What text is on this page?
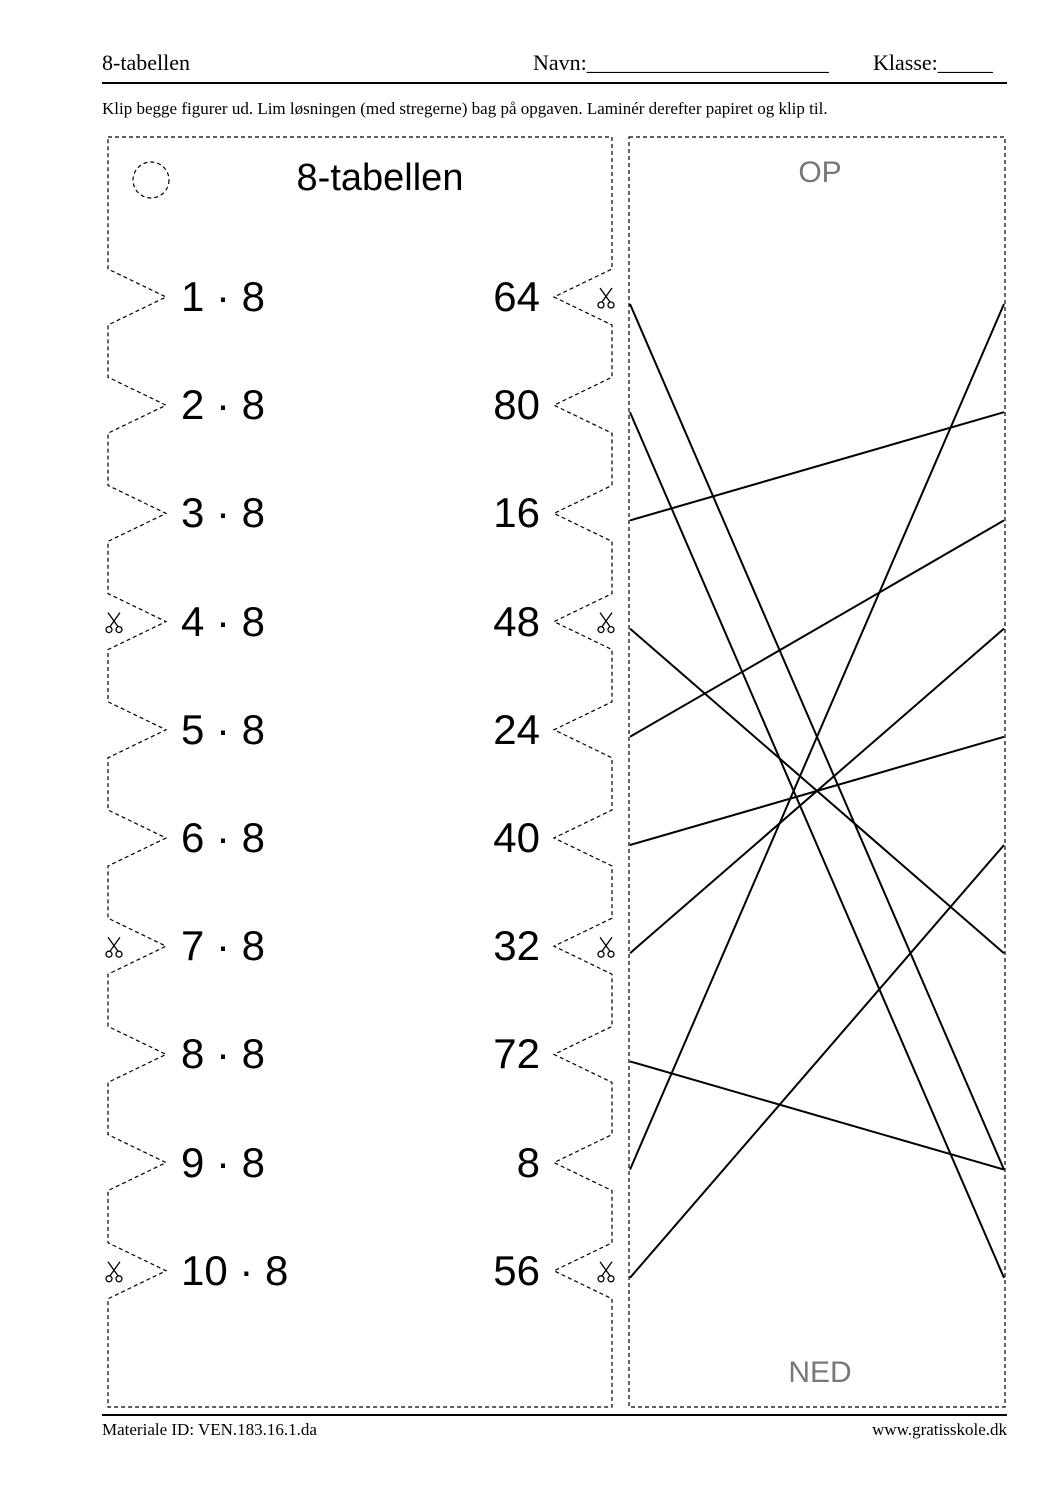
8-tabellen	Navn:______________________ Klasse:_____
Klip begge figurer ud. Lim løsningen (med stregerne) bag på opgaven. Laminér derefter papiret og klip til.
8-tabellen
1 · 8
2 · 8
3 · 8
4 · 8
5 · 8
6 · 8
7 · 8
8 · 8
9 · 8
10 · 8
64
80
16
48
24
40
32
72
8
56
OP
NED
Materiale ID: VEN.183.16.1.da	www.gratisskole.dk
